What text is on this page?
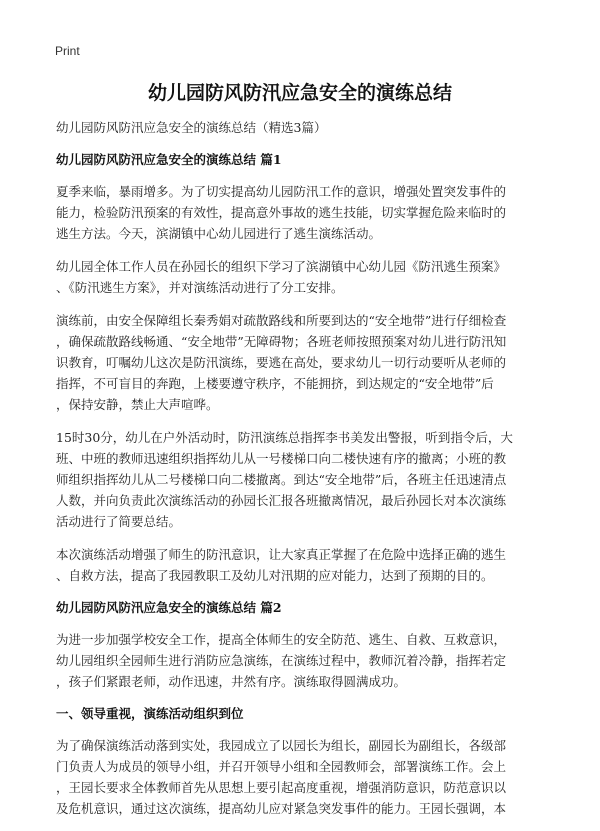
Print
幼儿园防风防汛应急安全的演练总结

幼儿园防风防汛应急安全的演练总结（精选3篇）

幼儿园防风防汛应急安全的演练总结 篇1

夏季来临，暴雨增多。为了切实提高幼儿园防汛工作的意识，增强处置突发事件的
能力，检验防汛预案的有效性，提高意外事故的逃生技能，切实掌握危险来临时的
逃生方法。今天，滨湖镇中心幼儿园进行了逃生演练活动。

幼儿园全体工作人员在孙园长的组织下学习了滨湖镇中心幼儿园《防汛逃生预案》
、《防汛逃生方案》，并对演练活动进行了分工安排。

演练前，由安全保障组长秦秀娟对疏散路线和所要到达的“安全地带”进行仔细检查
，确保疏散路线畅通、“安全地带”无障碍物；各班老师按照预案对幼儿进行防汛知
识教育，叮嘱幼儿这次是防汛演练，要逃在高处，要求幼儿一切行动要听从老师的
指挥，不可盲目的奔跑，上楼要遵守秩序，不能拥挤，到达规定的“安全地带”后
，保持安静，禁止大声喧哗。

15时30分，幼儿在户外活动时，防汛演练总指挥李书美发出警报，听到指令后，大
班、中班的教师迅速组织指挥幼儿从一号楼梯口向二楼快速有序的撤离；小班的教
师组织指挥幼儿从二号楼梯口向二楼撤离。到达“安全地带”后，各班主任迅速清点
人数，并向负责此次演练活动的孙园长汇报各班撤离情况，最后孙园长对本次演练
活动进行了简要总结。

本次演练活动增强了师生的防汛意识，让大家真正掌握了在危险中选择正确的逃生
、自救方法，提高了我园教职工及幼儿对汛期的应对能力，达到了预期的目的。

幼儿园防风防汛应急安全的演练总结 篇2

为进一步加强学校安全工作，提高全体师生的安全防范、逃生、自救、互救意识，
幼儿园组织全园师生进行消防应急演练，在演练过程中，教师沉着冷静，指挥若定
，孩子们紧跟老师，动作迅速，井然有序。演练取得圆满成功。

一、领导重视，演练活动组织到位

为了确保演练活动落到实处，我园成立了以园长为组长，副园长为副组长，各级部
门负责人为成员的领导小组，并召开领导小组和全园教师会，部署演练工作。会上
，王园长要求全体教师首先从思想上要引起高度重视，增强消防意识，防范意识以
及危机意识，通过这次演练，提高幼儿应对紧急突发事件的能力。王园长强调，本
